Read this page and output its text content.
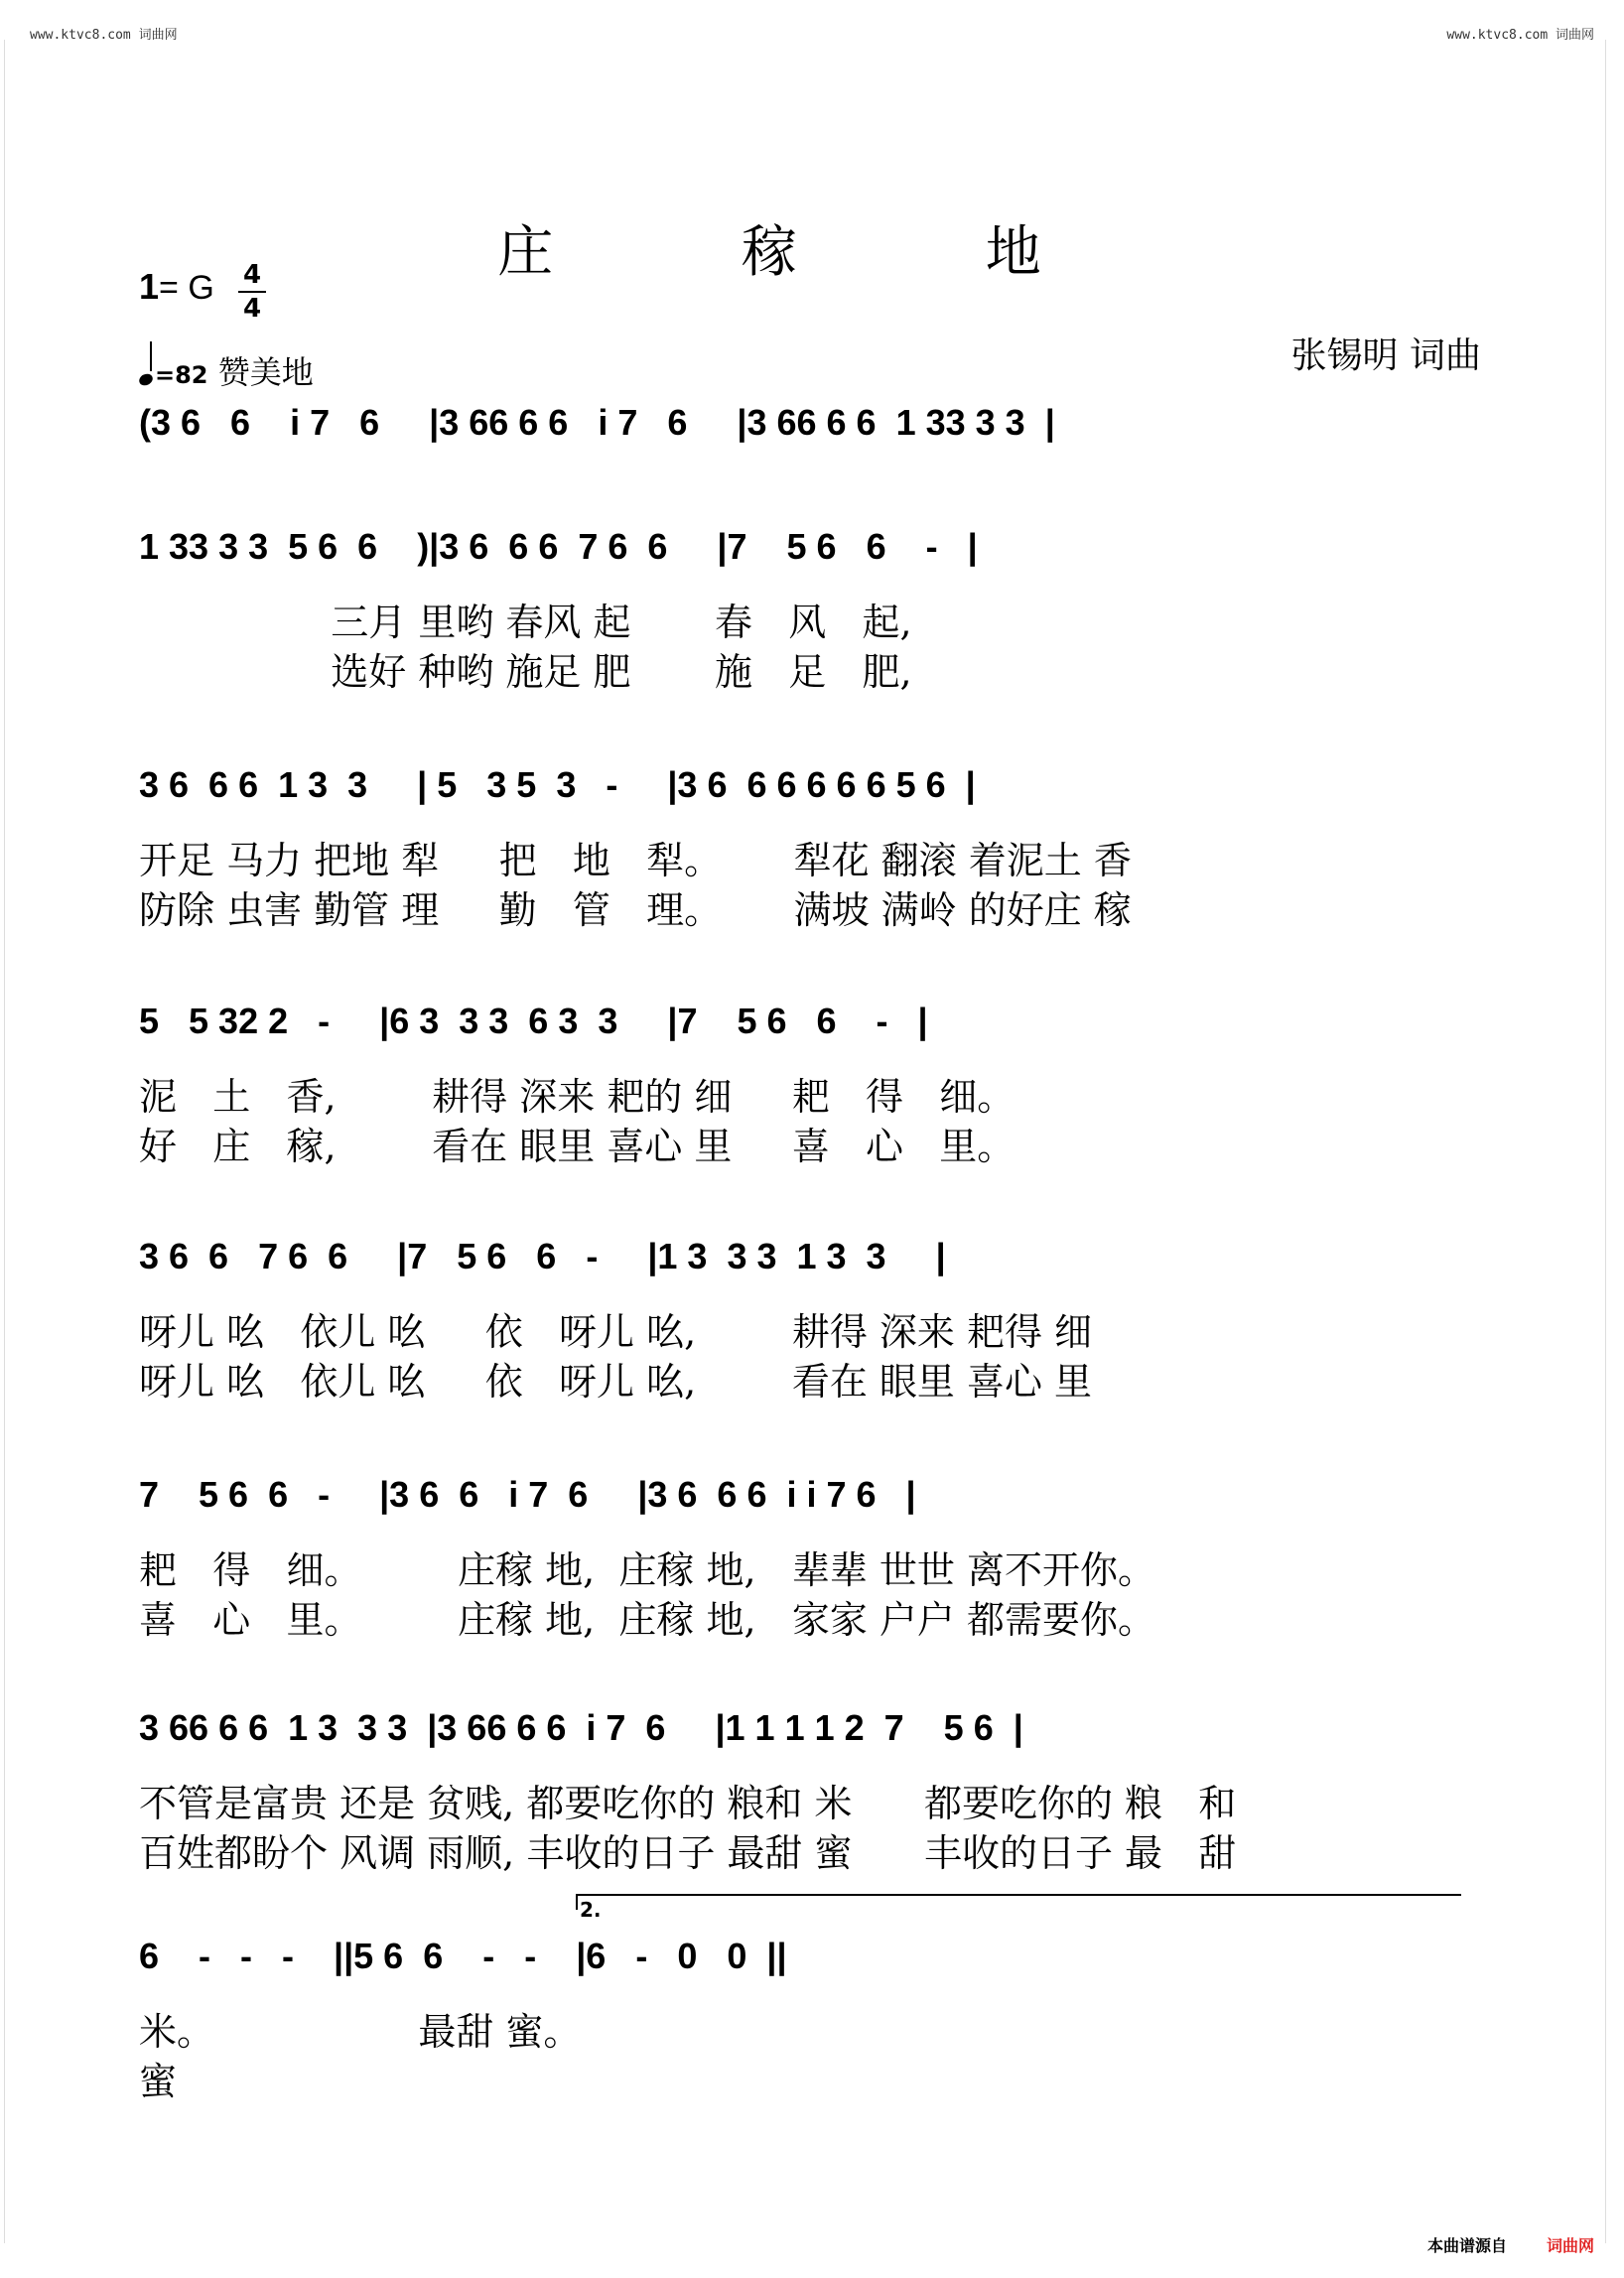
www.ktvc8.com 词曲网	www.ktvc8.com 词曲网
庄 稼 地
1= G 4
4
=82 赞美地	张锡明 词曲
(3 6   6    i 7   6     |3 66 6 6   i 7   6     |3 66 6 6  1 33 3 3  |
1 33 3 3  5 6  6    )|3 6  6 6  7 6  6     |7    5 6   6    -   |
三月 里哟 春风 起       春   风   起,
选好 种哟 施足 肥       施   足   肥,
3 6  6 6  1 3  3     | 5   3 5  3   -     |3 6  6 6 6 6 6 5 6  |
开足 马力 把地 犁     把   地   犁。      犁花 翻滚 着泥土 香
防除 虫害 勤管 理     勤   管   理。      满坡 满岭 的好庄 稼
5   5 32 2   -     |6 3  3 3  6 3  3     |7    5 6   6    -   |
泥   土   香,        耕得 深来 耙的 细     耙   得   细。
好   庄   稼,        看在 眼里 喜心 里     喜   心   里。
3 6  6   7 6  6     |7   5 6   6   -     |1 3  3 3  1 3  3     |
呀儿 吆   依儿 吆     依   呀儿 吆,        耕得 深来 耙得 细
呀儿 吆   依儿 吆     依   呀儿 吆,        看在 眼里 喜心 里
7    5 6  6   -     |3 6  6   i 7  6     |3 6  6 6  i i 7 6   |
耙   得   细。        庄稼 地,  庄稼 地,   辈辈 世世 离不开你。
喜   心   里。        庄稼 地,  庄稼 地,   家家 户户 都需要你。
3 66 6 6  1 3  3 3  |3 66 6 6  i 7  6     |1 1 1 1 2  7    5 6  |
不管是富贵 还是 贫贱, 都要吃你的 粮和 米      都要吃你的 粮   和
百姓都盼个 风调 雨顺, 丰收的日子 最甜 蜜      丰收的日子 最   甜
6    -   -   -    ||5 6  6    -   -    |6   -   0   0  ||
米。                 最甜 蜜。
蜜
2.
本曲谱源自 词曲网
